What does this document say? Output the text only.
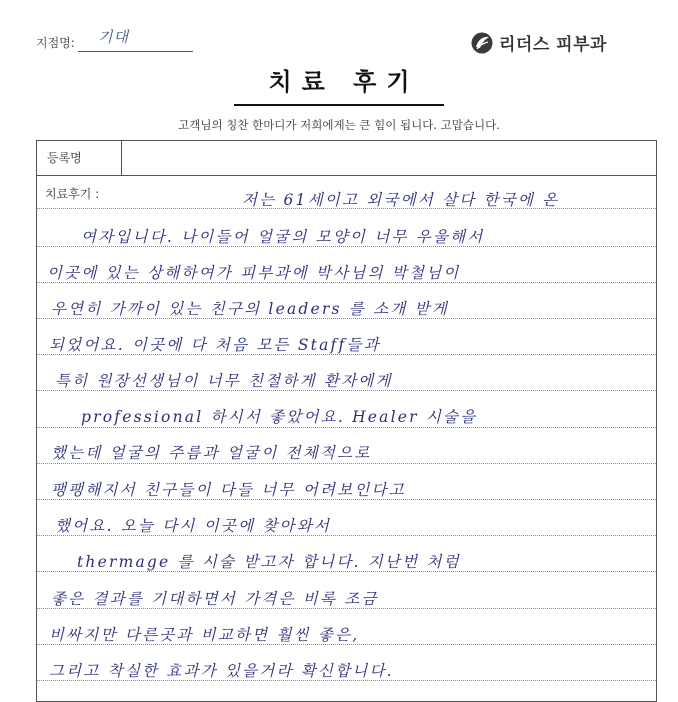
지점명: 기대	리더스 피부과
치료 후기
고객님의 칭찬 한마디가 저희에게는 큰 힘이 됩니다. 고맙습니다.
등록명
치료후기 :	저는 61세이고 외국에서 살다 한국에 온
여자입니다. 나이들어 얼굴의 모양이 너무 우울해서
이곳에 있는 상해하여가 피부과에 박사님의 박철님이
우연히 가까이 있는 친구의 leaders 를 소개 받게
되었어요. 이곳에 다 처음 모든 Staff들과
특히 원장선생님이 너무 친절하게 환자에게
professional 하시서 좋았어요. Healer 시술을
했는데 얼굴의 주름과 얼굴이 전체적으로
팽팽해지서 친구들이 다들 너무 어려보인다고
했어요. 오늘 다시 이곳에 찾아와서
thermage 를 시술 받고자 합니다. 지난번 처럼
좋은 결과를 기대하면서 가격은 비록 조금
비싸지만 다른곳과 비교하면 훨씬 좋은,
그리고 착실한 효과가 있을거라 확신합니다.
